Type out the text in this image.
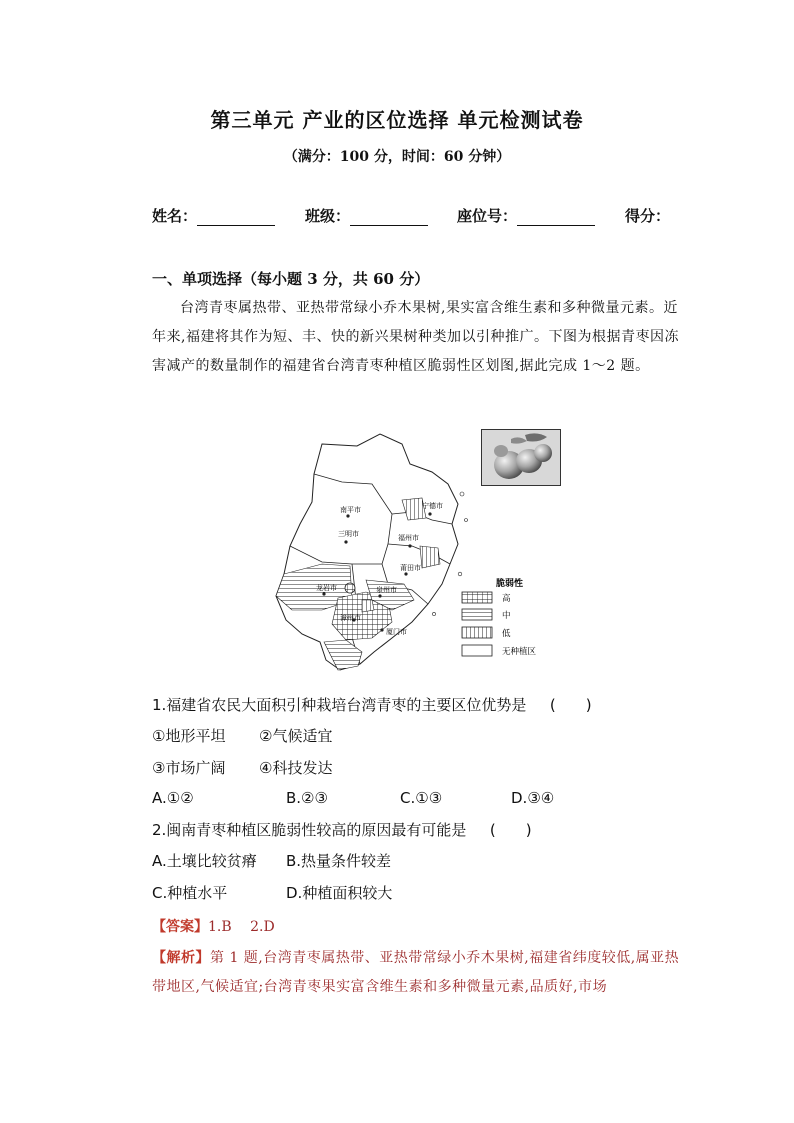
第三单元 产业的区位选择 单元检测试卷
（满分：100 分，时间：60 分钟）
姓名：	班级：	座位号：	得分：
一、单项选择（每小题 3 分，共 60 分）
台湾青枣属热带、亚热带常绿小乔木果树,果实富含维生素和多种微量元素。近年来,福建将其作为短、丰、快的新兴果树种类加以引种推广。下图为根据青枣因冻害减产的数量制作的福建省台湾青枣种植区脆弱性区划图,据此完成 1～2 题。
南平市	宁德市
三明市	福州市
莆田市
龙岩市	泉州市
漳州市
厦门市
脆弱性
高
中
低
无种植区
1.福建省农民大面积引种栽培台湾青枣的主要区位优势是 (　　)
①地形平坦 ②气候适宜
③市场广阔 ④科技发达
A.①②	B.②③	C.①③	D.③④
2.闽南青枣种植区脆弱性较高的原因最有可能是 (　　)
A.土壤比较贫瘠 B.热量条件较差
C.种植水平	D.种植面积较大
【答案】1.B　 2.D
【解析】第 1 题,台湾青枣属热带、亚热带常绿小乔木果树,福建省纬度较低,属亚热带地区,气候适宜;台湾青枣果实富含维生素和多种微量元素,品质好,市场
